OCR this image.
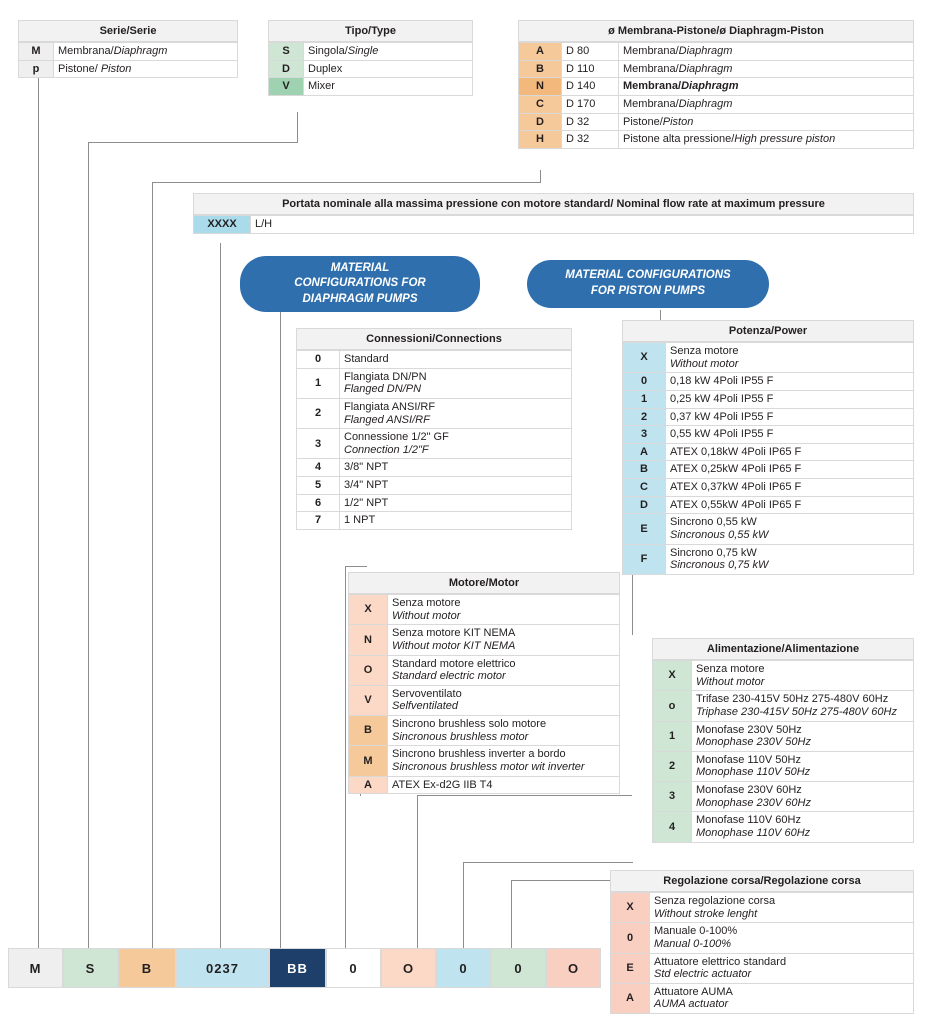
Serie/Serie
M	Membrana/Diaphragm
p	Pistone/ Piston
Tipo/Type
S	Singola/Single
D	Duplex
V	Mixer
ø Membrana-Pistone/ø Diaphragm-Piston
A	D 80	Membrana/Diaphragm
B	D 110	Membrana/Diaphragm
N	D 140	Membrana/Diaphragm
C	D 170	Membrana/Diaphragm
D	D 32	Pistone/Piston
H	D 32	Pistone alta pressione/High pressure piston
Portata nominale alla massima pressione con motore standard/ Nominal flow rate at maximum pressure
XXXX	L/H
MATERIAL
CONFIGURATIONS FOR
DIAPHRAGM PUMPS
MATERIAL CONFIGURATIONS
FOR PISTON PUMPS
Connessioni/Connections
0	Standard
1	Flangiata DN/PN
Flanged DN/PN
2	Flangiata ANSI/RF
Flanged ANSI/RF
3	Connessione 1/2" GF
Connection 1/2"F
4	3/8" NPT
5	3/4" NPT
6	1/2" NPT
7	1 NPT
Potenza/Power
X	Senza motore
Without motor
0	0,18 kW 4Poli IP55 F
1	0,25 kW 4Poli IP55 F
2	0,37 kW 4Poli IP55 F
3	0,55 kW 4Poli IP55 F
A	ATEX 0,18kW 4Poli IP65 F
B	ATEX 0,25kW 4Poli IP65 F
C	ATEX 0,37kW 4Poli IP65 F
D	ATEX 0,55kW 4Poli IP65 F
E	Sincrono 0,55 kW
Sincronous 0,55 kW
F	Sincrono 0,75 kW
Sincronous 0,75 kW
Motore/Motor
X	Senza motore
Without motor
N	Senza motore KIT NEMA
Without motor KIT NEMA
O	Standard motore elettrico
Standard electric motor
V	Servoventilato
Selfventilated
B	Sincrono brushless solo motore
Sincronous brushless motor
M	Sincrono brushless inverter a bordo
Sincronous brushless motor wit inverter
A	ATEX Ex-d2G IIB T4
Alimentazione/Alimentazione
X	Senza motore
Without motor
o	Trifase 230-415V 50Hz 275-480V 60Hz
Triphase 230-415V 50Hz 275-480V 60Hz
1	Monofase 230V 50Hz
Monophase 230V 50Hz
2	Monofase 110V 50Hz
Monophase 110V 50Hz
3	Monofase 230V 60Hz
Monophase 230V 60Hz
4	Monofase 110V 60Hz
Monophase 110V 60Hz
Regolazione corsa/Regolazione corsa
X	Senza regolazione corsa
Without stroke lenght
0	Manuale 0-100%
Manual 0-100%
E	Attuatore elettrico standard
Std electric actuator
A	Attuatore AUMA
AUMA actuator
M	S	B	0237	BB	0	O	0	0	O
